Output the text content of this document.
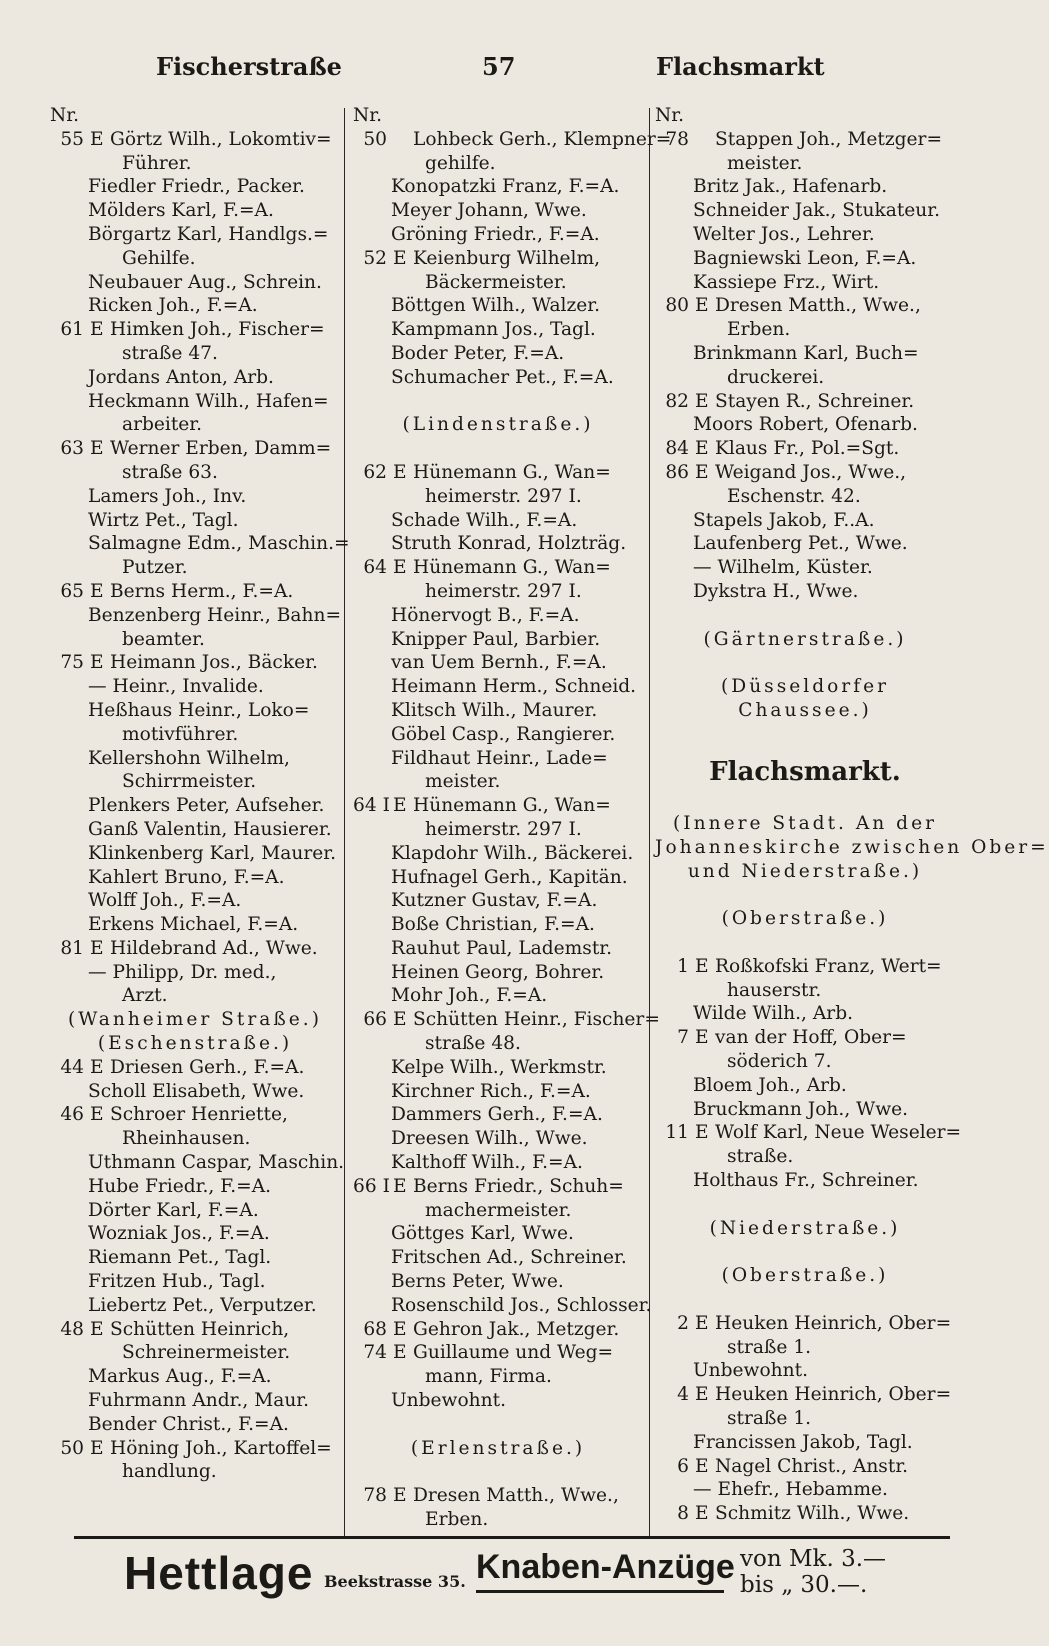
Fischerstraße	57	Flachsmarkt
Nr.
55 E Görtz Wilh., Lokomtiv=
Führer.
Fiedler Friedr., Packer.
Mölders Karl, F.=A.
Börgartz Karl, Handlgs.=
Gehilfe.
Neubauer Aug., Schrein.
Ricken Joh., F.=A.
61 E Himken Joh., Fischer=
straße 47.
Jordans Anton, Arb.
Heckmann Wilh., Hafen=
arbeiter.
63 E Werner Erben, Damm=
straße 63.
Lamers Joh., Inv.
Wirtz Pet., Tagl.
Salmagne Edm., Maschin.=
Putzer.
65 E Berns Herm., F.=A.
Benzenberg Heinr., Bahn=
beamter.
75 E Heimann Jos., Bäcker.
— Heinr., Invalide.
Heßhaus Heinr., Loko=
motivführer.
Kellershohn Wilhelm,
Schirrmeister.
Plenkers Peter, Aufseher.
Ganß Valentin, Hausierer.
Klinkenberg Karl, Maurer.
Kahlert Bruno, F.=A.
Wolff Joh., F.=A.
Erkens Michael, F.=A.
81 E Hildebrand Ad., Wwe.
— Philipp, Dr. med.,
Arzt.
(Wanheimer Straße.)
(Eschenstraße.)
44 E Driesen Gerh., F.=A.
Scholl Elisabeth, Wwe.
46 E Schroer Henriette,
Rheinhausen.
Uthmann Caspar, Maschin.
Hube Friedr., F.=A.
Dörter Karl, F.=A.
Wozniak Jos., F.=A.
Riemann Pet., Tagl.
Fritzen Hub., Tagl.
Liebertz Pet., Verputzer.
48 E Schütten Heinrich,
Schreinermeister.
Markus Aug., F.=A.
Fuhrmann Andr., Maur.
Bender Christ., F.=A.
50 E Höning Joh., Kartoffel=
handlung.
Nr.
50 Lohbeck Gerh., Klempner=
gehilfe.
Konopatzki Franz, F.=A.
Meyer Johann, Wwe.
Gröning Friedr., F.=A.
52 E Keienburg Wilhelm,
Bäckermeister.
Böttgen Wilh., Walzer.
Kampmann Jos., Tagl.
Boder Peter, F.=A.
Schumacher Pet., F.=A.
(Lindenstraße.)
62 E Hünemann G., Wan=
heimerstr. 297 I.
Schade Wilh., F.=A.
Struth Konrad, Holzträg.
64 E Hünemann G., Wan=
heimerstr. 297 I.
Hönervogt B., F.=A.
Knipper Paul, Barbier.
van Uem Bernh., F.=A.
Heimann Herm., Schneid.
Klitsch Wilh., Maurer.
Göbel Casp., Rangierer.
Fildhaut Heinr., Lade=
meister.
64 I E Hünemann G., Wan=
heimerstr. 297 I.
Klapdohr Wilh., Bäckerei.
Hufnagel Gerh., Kapitän.
Kutzner Gustav, F.=A.
Boße Christian, F.=A.
Rauhut Paul, Lademstr.
Heinen Georg, Bohrer.
Mohr Joh., F.=A.
66 E Schütten Heinr., Fischer=
straße 48.
Kelpe Wilh., Werkmstr.
Kirchner Rich., F.=A.
Dammers Gerh., F.=A.
Dreesen Wilh., Wwe.
Kalthoff Wilh., F.=A.
66 I E Berns Friedr., Schuh=
machermeister.
Göttges Karl, Wwe.
Fritschen Ad., Schreiner.
Berns Peter, Wwe.
Rosenschild Jos., Schlosser.
68 E Gehron Jak., Metzger.
74 E Guillaume und Weg=
mann, Firma.
Unbewohnt.
(Erlenstraße.)
78 E Dresen Matth., Wwe.,
Erben.
Nr.
78 Stappen Joh., Metzger=
meister.
Britz Jak., Hafenarb.
Schneider Jak., Stukateur.
Welter Jos., Lehrer.
Bagniewski Leon, F.=A.
Kassiepe Frz., Wirt.
80 E Dresen Matth., Wwe.,
Erben.
Brinkmann Karl, Buch=
druckerei.
82 E Stayen R., Schreiner.
Moors Robert, Ofenarb.
84 E Klaus Fr., Pol.=Sgt.
86 E Weigand Jos., Wwe.,
Eschenstr. 42.
Stapels Jakob, F..A.
Laufenberg Pet., Wwe.
— Wilhelm, Küster.
Dykstra H., Wwe.
(Gärtnerstraße.)
(Düsseldorfer
Chaussee.)
Flachsmarkt.
(Innere Stadt. An der
Johanneskirche zwischen Ober=
und Niederstraße.)
(Oberstraße.)
1 E Roßkofski Franz, Wert=
hauserstr.
Wilde Wilh., Arb.
7 E van der Hoff, Ober=
söderich 7.
Bloem Joh., Arb.
Bruckmann Joh., Wwe.
11 E Wolf Karl, Neue Weseler=
straße.
Holthaus Fr., Schreiner.
(Niederstraße.)
(Oberstraße.)
2 E Heuken Heinrich, Ober=
straße 1.
Unbewohnt.
4 E Heuken Heinrich, Ober=
straße 1.
Francissen Jakob, Tagl.
6 E Nagel Christ., Anstr.
— Ehefr., Hebamme.
8 E Schmitz Wilh., Wwe.
Hettlage Beekstrasse 35. Knaben-Anzüge von Mk. 3.—
bis „ 30.—.
